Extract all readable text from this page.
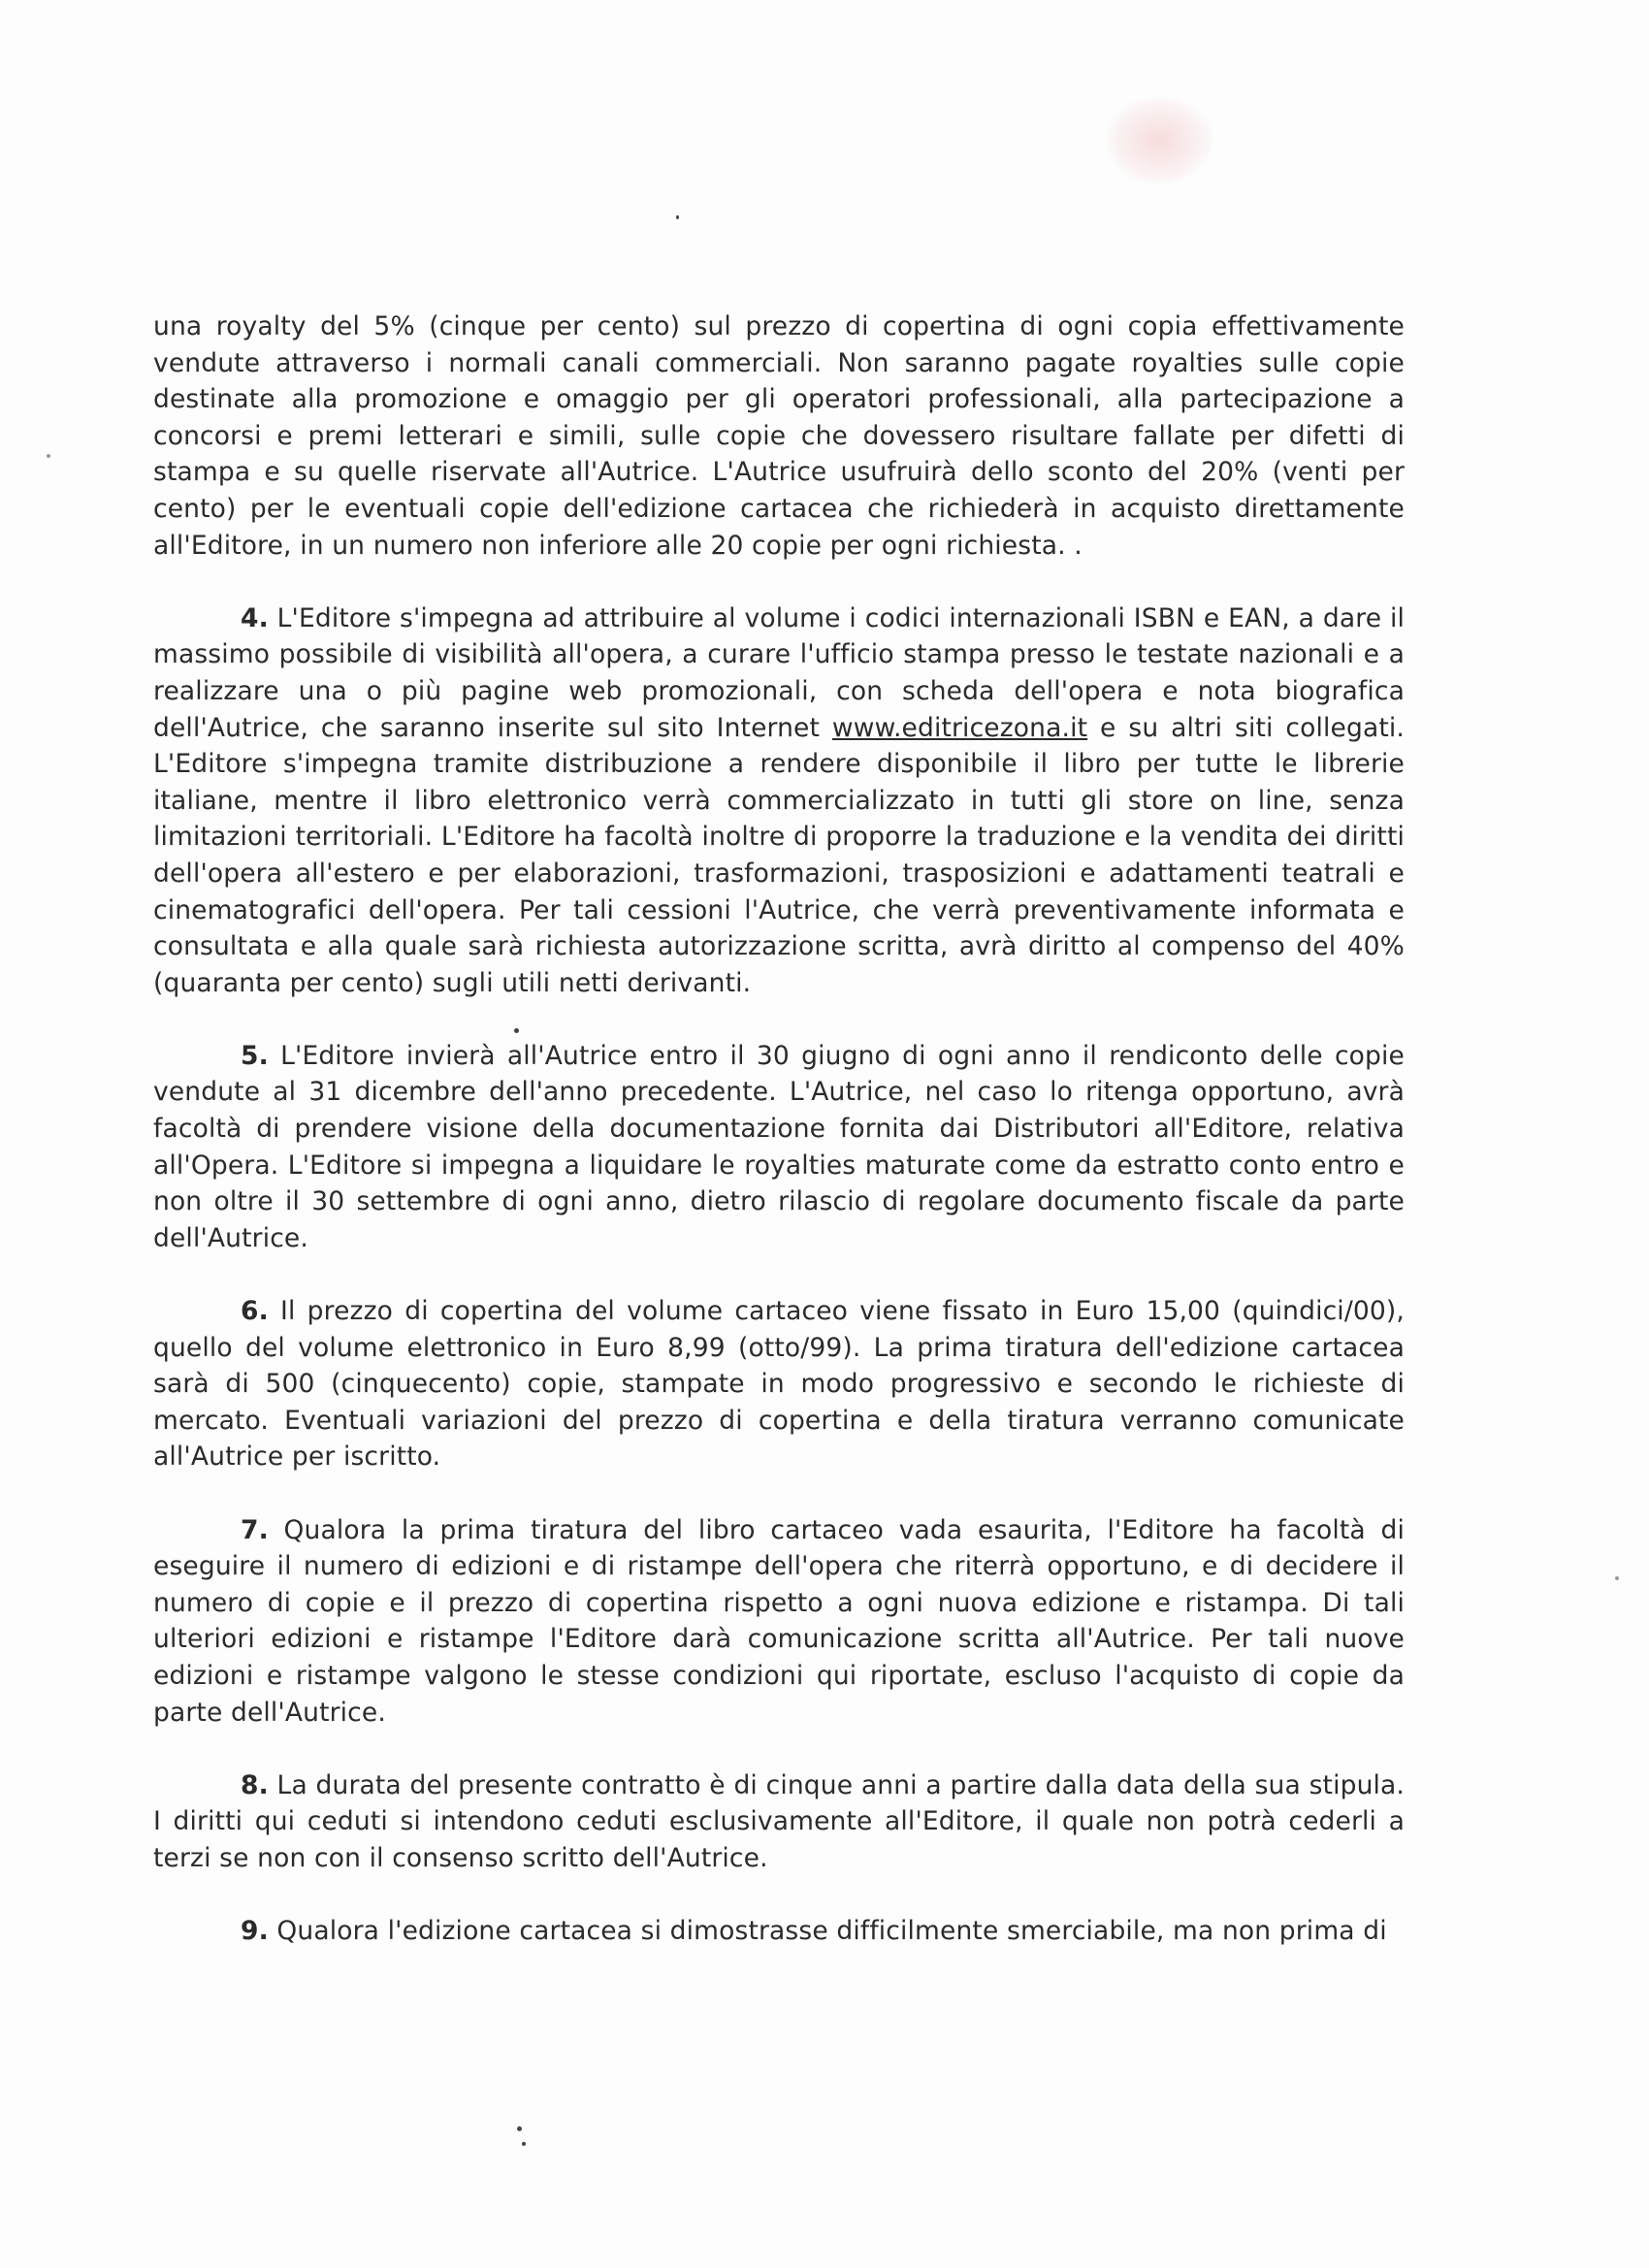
una royalty del 5% (cinque per cento) sul prezzo di copertina di ogni copia effettivamente vendute attraverso i normali canali commerciali. Non saranno pagate royalties sulle copie destinate alla promozione e omaggio per gli operatori professionali, alla partecipazione a concorsi e premi letterari e simili, sulle copie che dovessero risultare fallate per difetti di stampa e su quelle riservate all'Autrice. L'Autrice usufruirà dello sconto del 20% (venti per cento) per le eventuali copie dell'edizione cartacea che richiederà in acquisto direttamente all'Editore, in un numero non inferiore alle 20 copie per ogni richiesta. .

4. L'Editore s'impegna ad attribuire al volume i codici internazionali ISBN e EAN, a dare il massimo possibile di visibilità all'opera, a curare l'ufficio stampa presso le testate nazionali e a realizzare una o più pagine web promozionali, con scheda dell'opera e nota biografica dell'Autrice, che saranno inserite sul sito Internet www.editricezona.it e su altri siti collegati. L'Editore s'impegna tramite distribuzione a rendere disponibile il libro per tutte le librerie italiane, mentre il libro elettronico verrà commercializzato in tutti gli store on line, senza limitazioni territoriali. L'Editore ha facoltà inoltre di proporre la traduzione e la vendita dei diritti dell'opera all'estero e per elaborazioni, trasformazioni, trasposizioni e adattamenti teatrali e cinematografici dell'opera. Per tali cessioni l'Autrice, che verrà preventivamente informata e consultata e alla quale sarà richiesta autorizzazione scritta, avrà diritto al compenso del 40% (quaranta per cento) sugli utili netti derivanti.

5. L'Editore invierà all'Autrice entro il 30 giugno di ogni anno il rendiconto delle copie vendute al 31 dicembre dell'anno precedente. L'Autrice, nel caso lo ritenga opportuno, avrà facoltà di prendere visione della documentazione fornita dai Distributori all'Editore, relativa all'Opera. L'Editore si impegna a liquidare le royalties maturate come da estratto conto entro e non oltre il 30 settembre di ogni anno, dietro rilascio di regolare documento fiscale da parte dell'Autrice.

6. Il prezzo di copertina del volume cartaceo viene fissato in Euro 15,00 (quindici/00), quello del volume elettronico in Euro 8,99 (otto/99). La prima tiratura dell'edizione cartacea sarà di 500 (cinquecento) copie, stampate in modo progressivo e secondo le richieste di mercato. Eventuali variazioni del prezzo di copertina e della tiratura verranno comunicate all'Autrice per iscritto.

7. Qualora la prima tiratura del libro cartaceo vada esaurita, l'Editore ha facoltà di eseguire il numero di edizioni e di ristampe dell'opera che riterrà opportuno, e di decidere il numero di copie e il prezzo di copertina rispetto a ogni nuova edizione e ristampa. Di tali ulteriori edizioni e ristampe l'Editore darà comunicazione scritta all'Autrice. Per tali nuove edizioni e ristampe valgono le stesse condizioni qui riportate, escluso l'acquisto di copie da parte dell'Autrice.

8. La durata del presente contratto è di cinque anni a partire dalla data della sua stipula. I diritti qui ceduti si intendono ceduti esclusivamente all'Editore, il quale non potrà cederli a terzi se non con il consenso scritto dell'Autrice.

9. Qualora l'edizione cartacea si dimostrasse difficilmente smerciabile, ma non prima di
